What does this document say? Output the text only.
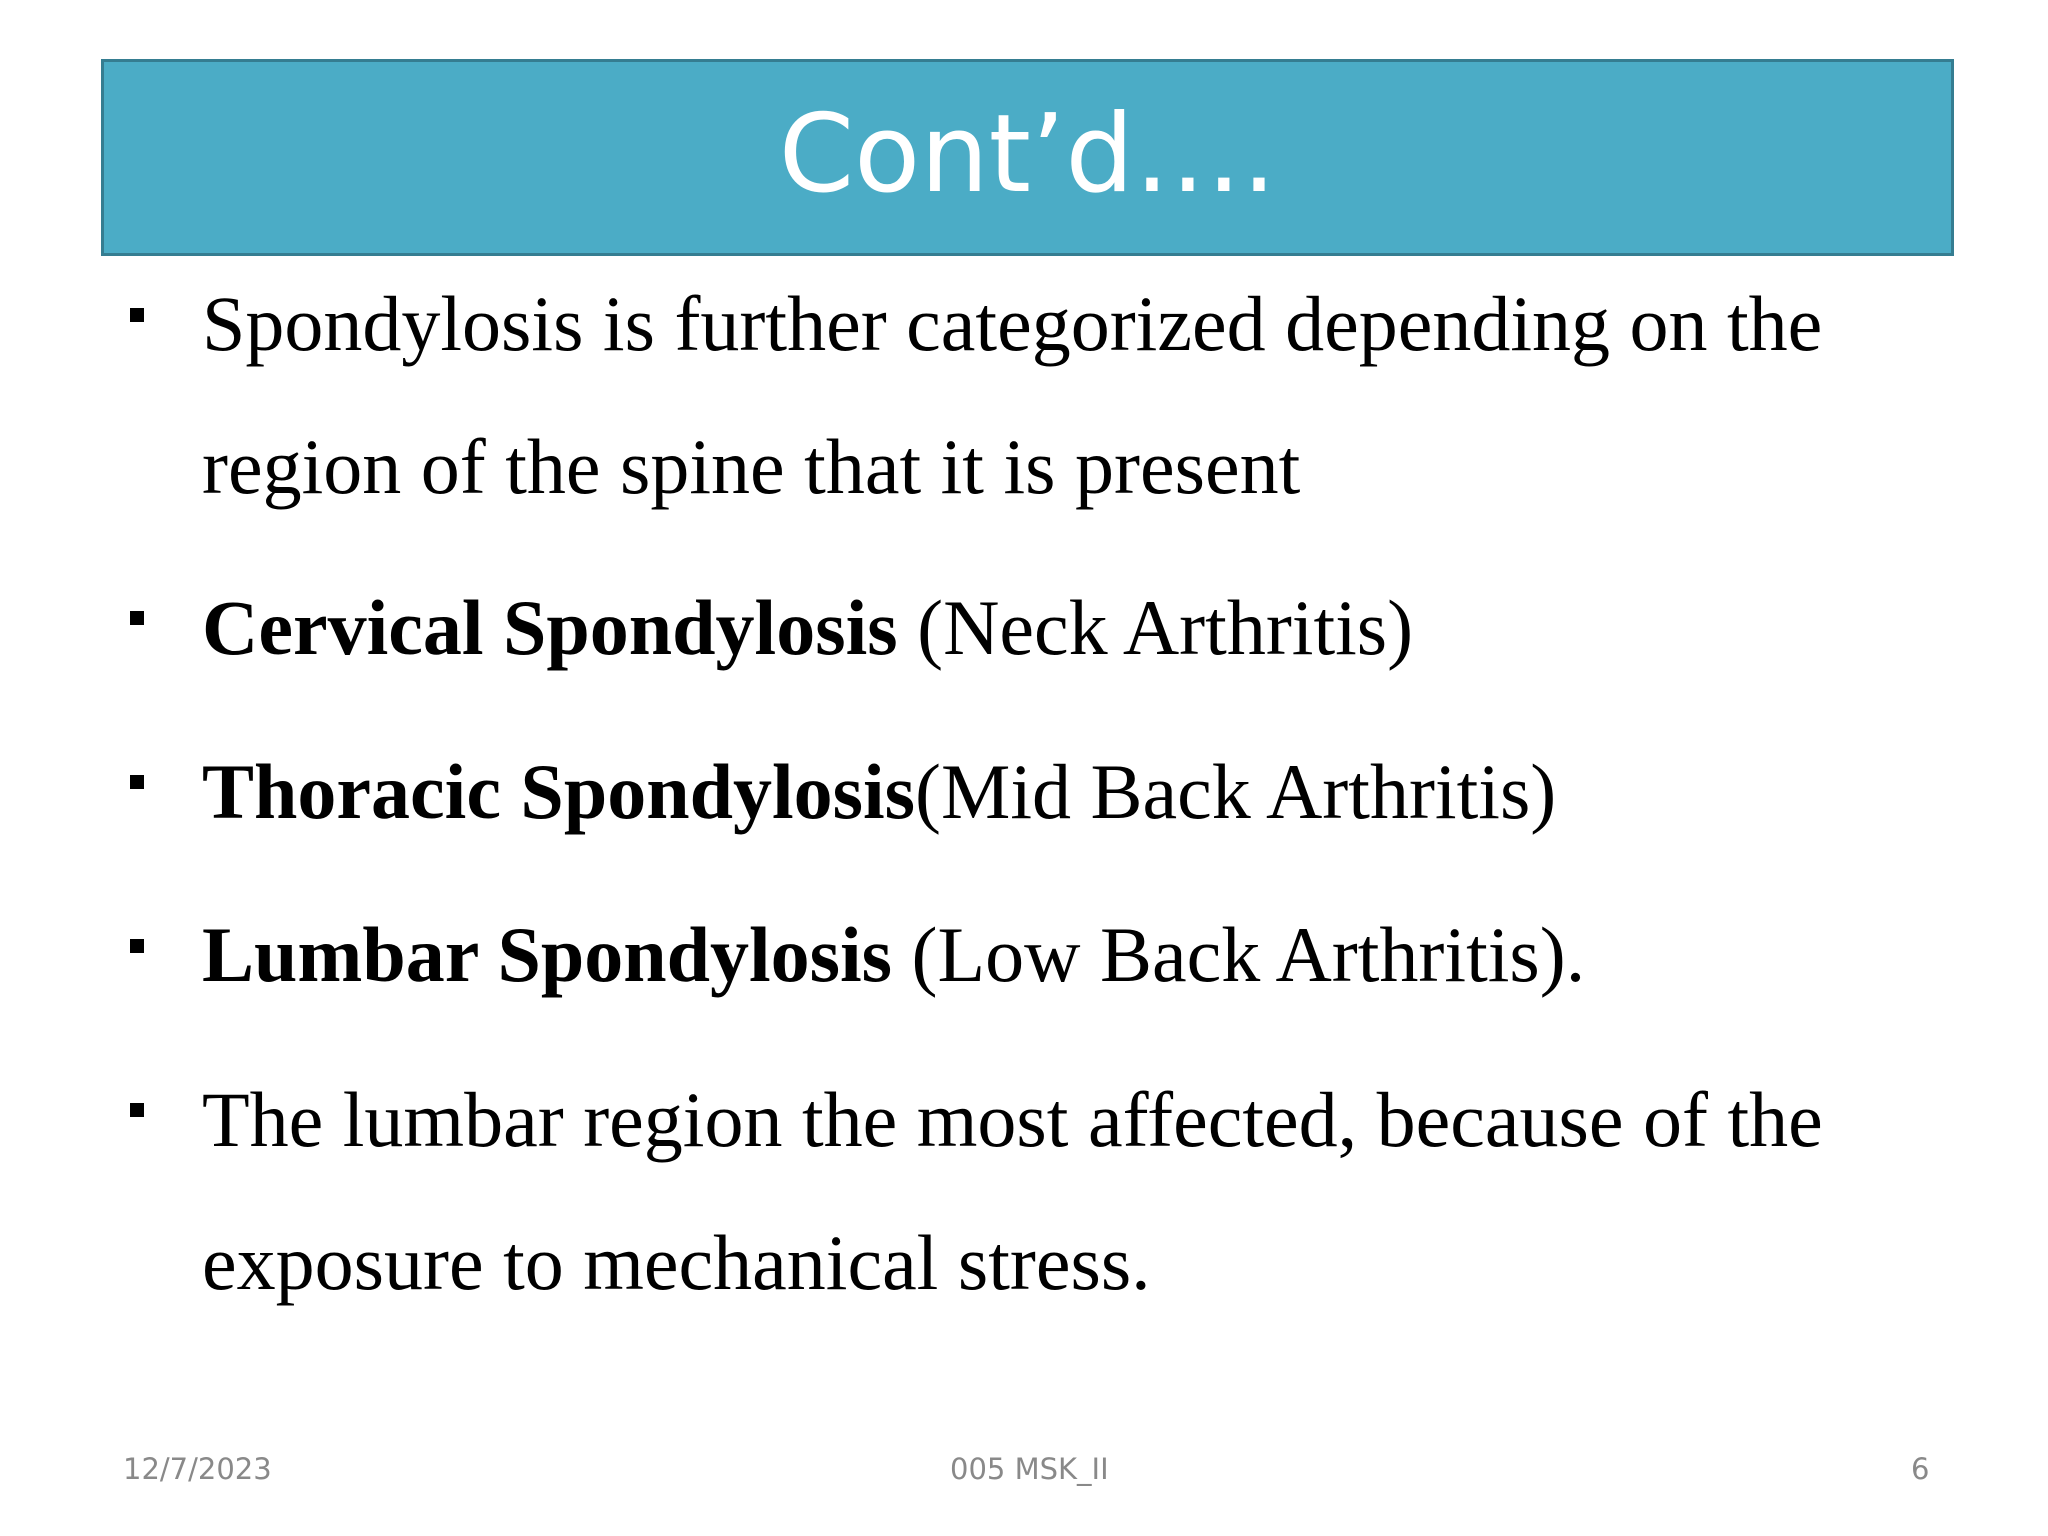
Cont’d….
Spondylosis is further categorized depending on the
region of the spine that it is present
Cervical Spondylosis (Neck Arthritis)
Thoracic Spondylosis(Mid Back Arthritis)
Lumbar Spondylosis (Low Back Arthritis).
The lumbar region the most affected, because of the
exposure to mechanical stress.
12/7/2023	005 MSK_II	6
